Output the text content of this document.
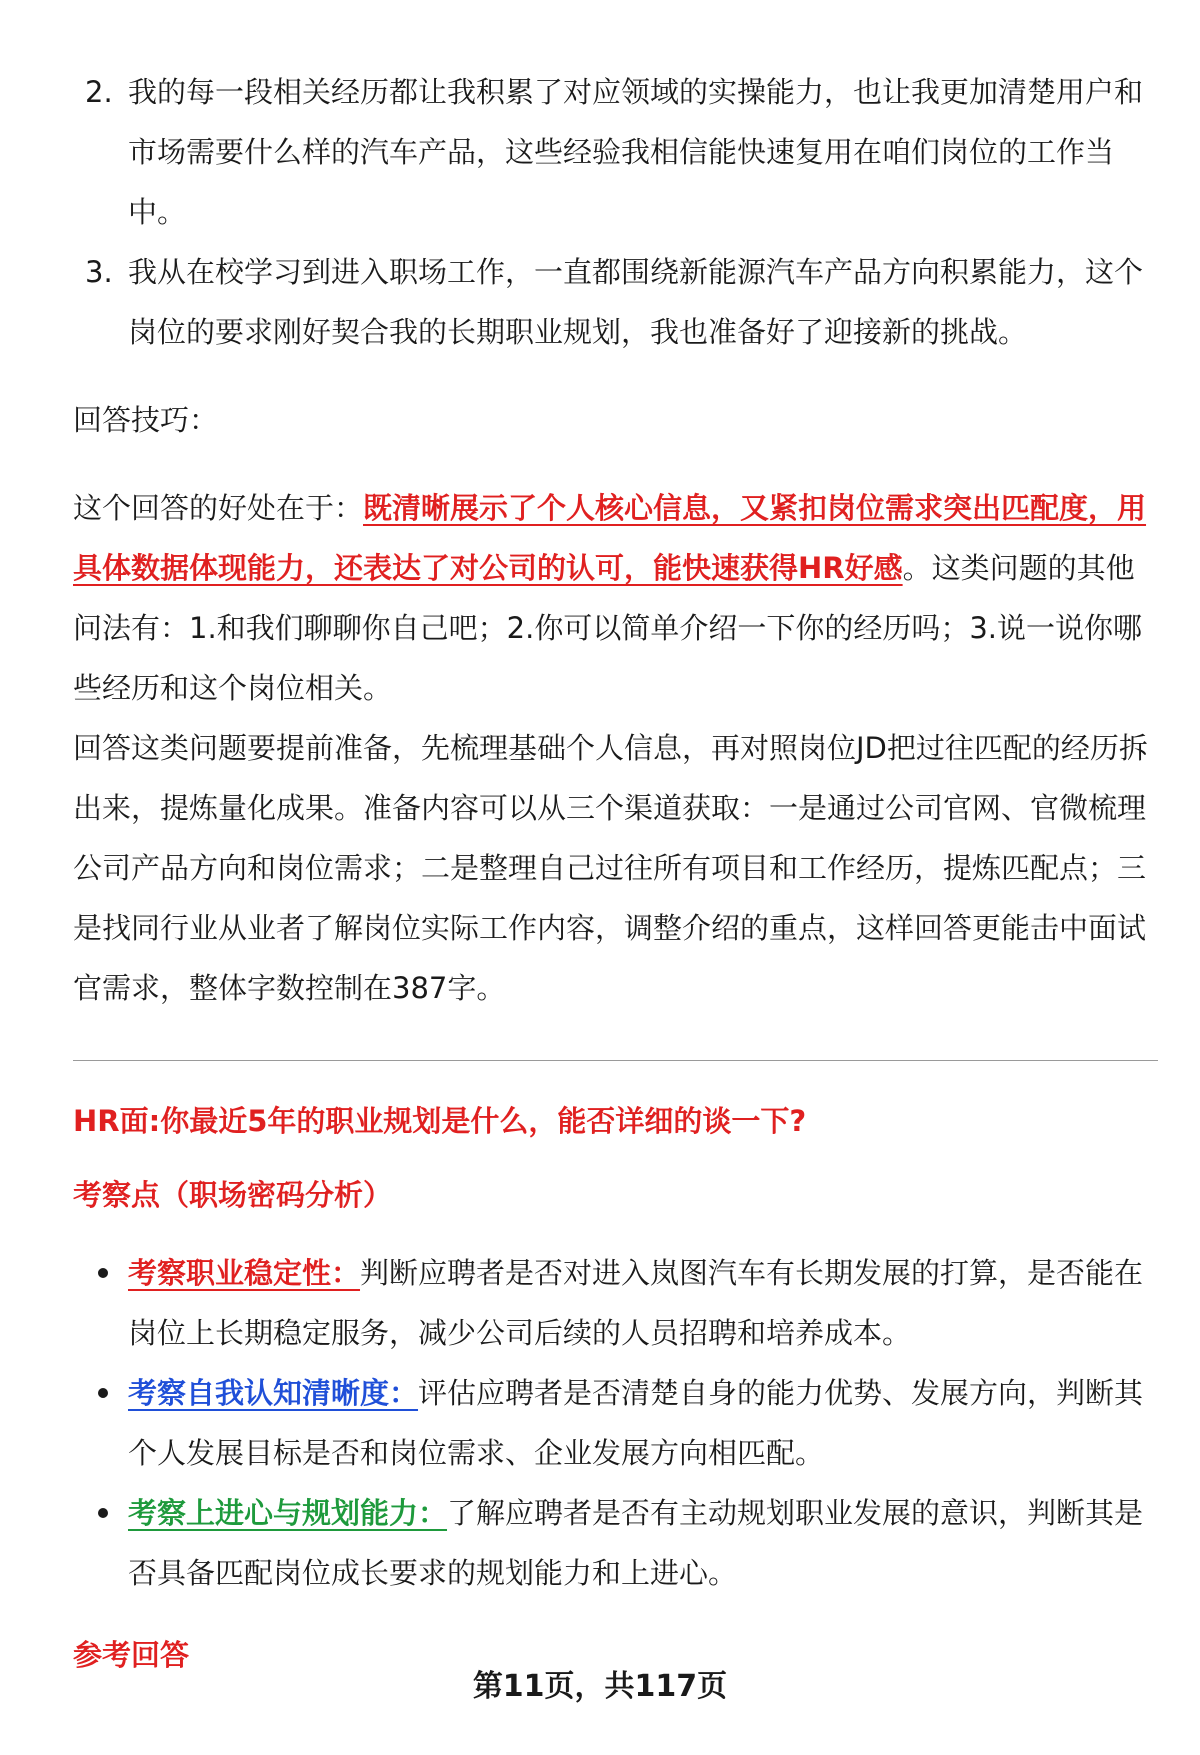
2. 我的每一段相关经历都让我积累了对应领域的实操能力，也让我更加清楚用户和市场需要什么样的汽车产品，这些经验我相信能快速复用在咱们岗位的工作当中。
3. 我从在校学习到进入职场工作，一直都围绕新能源汽车产品方向积累能力，这个岗位的要求刚好契合我的长期职业规划，我也准备好了迎接新的挑战。
回答技巧：

这个回答的好处在于：既清晰展示了个人核心信息，又紧扣岗位需求突出匹配度，用具体数据体现能力，还表达了对公司的认可，能快速获得HR好感。这类问题的其他问法有：1.和我们聊聊你自己吧；2.你可以简单介绍一下你的经历吗；3.说一说你哪些经历和这个岗位相关。

回答这类问题要提前准备，先梳理基础个人信息，再对照岗位JD把过往匹配的经历拆出来，提炼量化成果。准备内容可以从三个渠道获取：一是通过公司官网、官微梳理公司产品方向和岗位需求；二是整理自己过往所有项目和工作经历，提炼匹配点；三是找同行业从业者了解岗位实际工作内容，调整介绍的重点，这样回答更能击中面试官需求，整体字数控制在387字。

HR面:你最近5年的职业规划是什么，能否详细的谈一下?
考察点（职场密码分析）
考察职业稳定性：判断应聘者是否对进入岚图汽车有长期发展的打算，是否能在岗位上长期稳定服务，减少公司后续的人员招聘和培养成本。
考察自我认知清晰度：评估应聘者是否清楚自身的能力优势、发展方向，判断其个人发展目标是否和岗位需求、企业发展方向相匹配。
考察上进心与规划能力：了解应聘者是否有主动规划职业发展的意识，判断其是否具备匹配岗位成长要求的规划能力和上进心。
参考回答
第11页，共117页
